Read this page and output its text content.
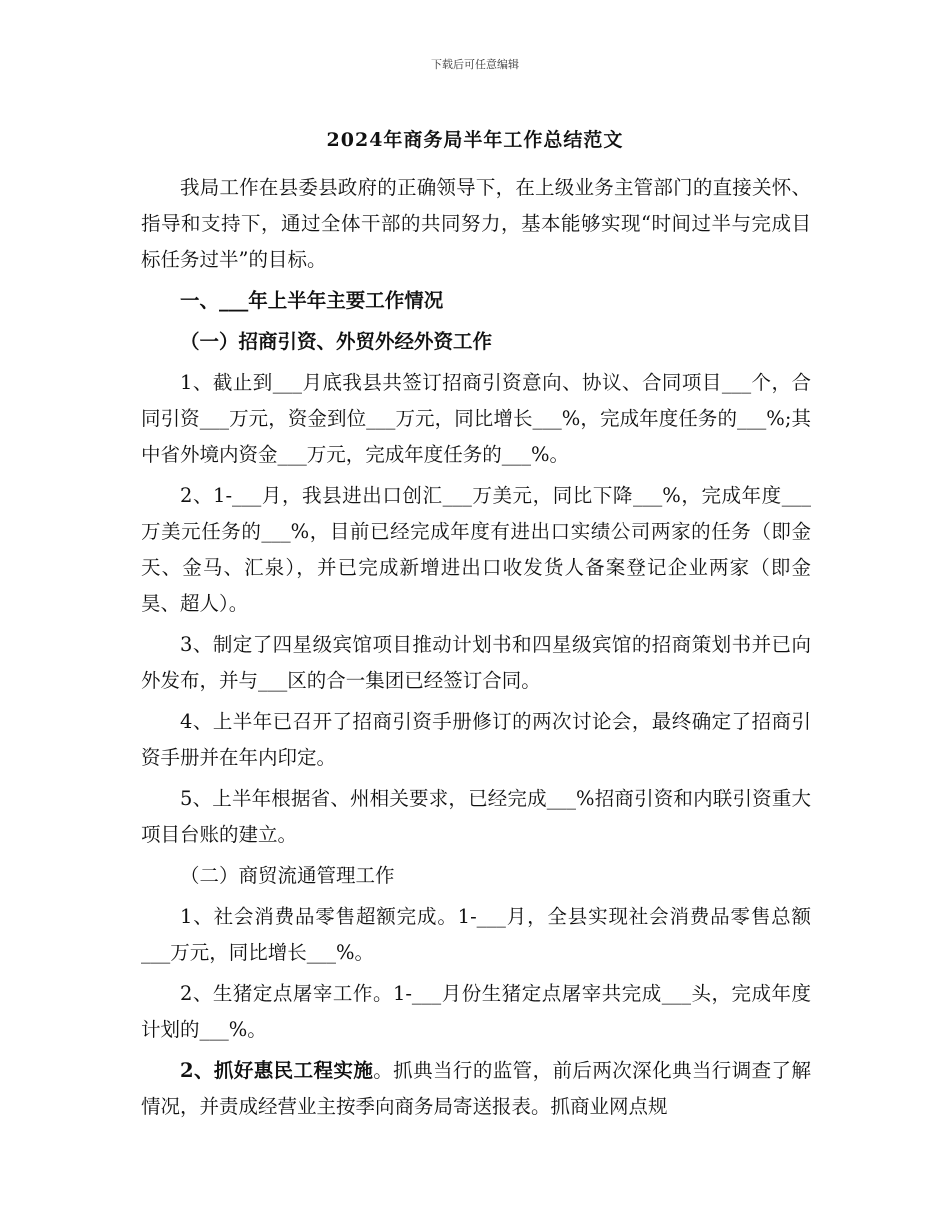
下载后可任意编辑
2024年商务局半年工作总结范文

我局工作在县委县政府的正确领导下，在上级业务主管部门的直接关怀、指导和支持下，通过全体干部的共同努力，基本能够实现“时间过半与完成目标任务过半”的目标。

一、___年上半年主要工作情况

（一）招商引资、外贸外经外资工作

1、截止到___月底我县共签订招商引资意向、协议、合同项目___个，合同引资___万元，资金到位___万元，同比增长___%，完成年度任务的___%;其中省外境内资金___万元，完成年度任务的___%。

2、1-___月，我县进出口创汇___万美元，同比下降___%，完成年度___万美元任务的___%，目前已经完成年度有进出口实绩公司两家的任务（即金天、金马、汇泉），并已完成新增进出口收发货人备案登记企业两家（即金昊、超人）。

3、制定了四星级宾馆项目推动计划书和四星级宾馆的招商策划书并已向外发布，并与___区的合一集团已经签订合同。

4、上半年已召开了招商引资手册修订的两次讨论会，最终确定了招商引资手册并在年内印定。

5、上半年根据省、州相关要求，已经完成___%招商引资和内联引资重大项目台账的建立。

（二）商贸流通管理工作

1、社会消费品零售超额完成。1-___月，全县实现社会消费品零售总额___万元，同比增长___%。

2、生猪定点屠宰工作。1-___月份生猪定点屠宰共完成___头，完成年度计划的___%。

2、抓好惠民工程实施。抓典当行的监管，前后两次深化典当行调查了解情况，并责成经营业主按季向商务局寄送报表。抓商业网点规
